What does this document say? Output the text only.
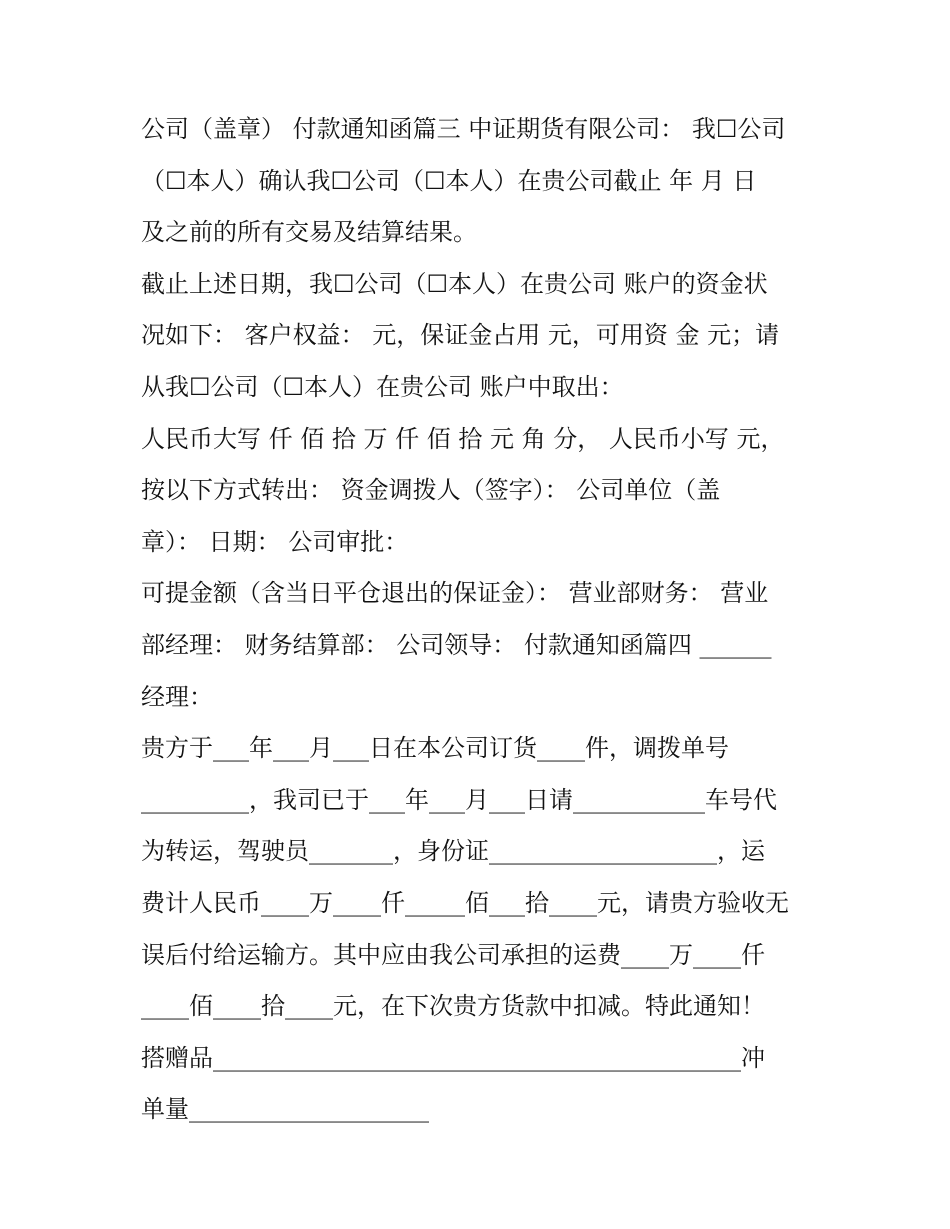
公司（盖章） 付款通知函篇三 中证期货有限公司： 我☐公司
（☐本人）确认我☐公司（☐本人）在贵公司截止 年 月 日
及之前的所有交易及结算结果。
截止上述日期，我☐公司（☐本人）在贵公司 账户的资金状
况如下： 客户权益： 元，保证金占用 元，可用资 金 元；请
从我☐公司（☐本人）在贵公司 账户中取出：
人民币大写 仟 佰 拾 万 仟 佰 拾 元 角 分， 人民币小写 元，
按以下方式转出： 资金调拨人（签字）： 公司单位（盖
章）： 日期： 公司审批：
可提金额（含当日平仓退出的保证金）： 营业部财务： 营业
部经理： 财务结算部： 公司领导： 付款通知函篇四 ______
经理：
贵方于___年___月___日在本公司订货____件，调拨单号
_________，我司已于___年___月___日请___________车号代
为转运，驾驶员_______，身份证___________________，运
费计人民币____万____仟_____佰___拾____元，请贵方验收无
误后付给运输方。其中应由我公司承担的运费____万____仟
____佰____拾____元，在下次贵方货款中扣减。特此通知！
搭赠品____________________________________________冲
单量____________________
